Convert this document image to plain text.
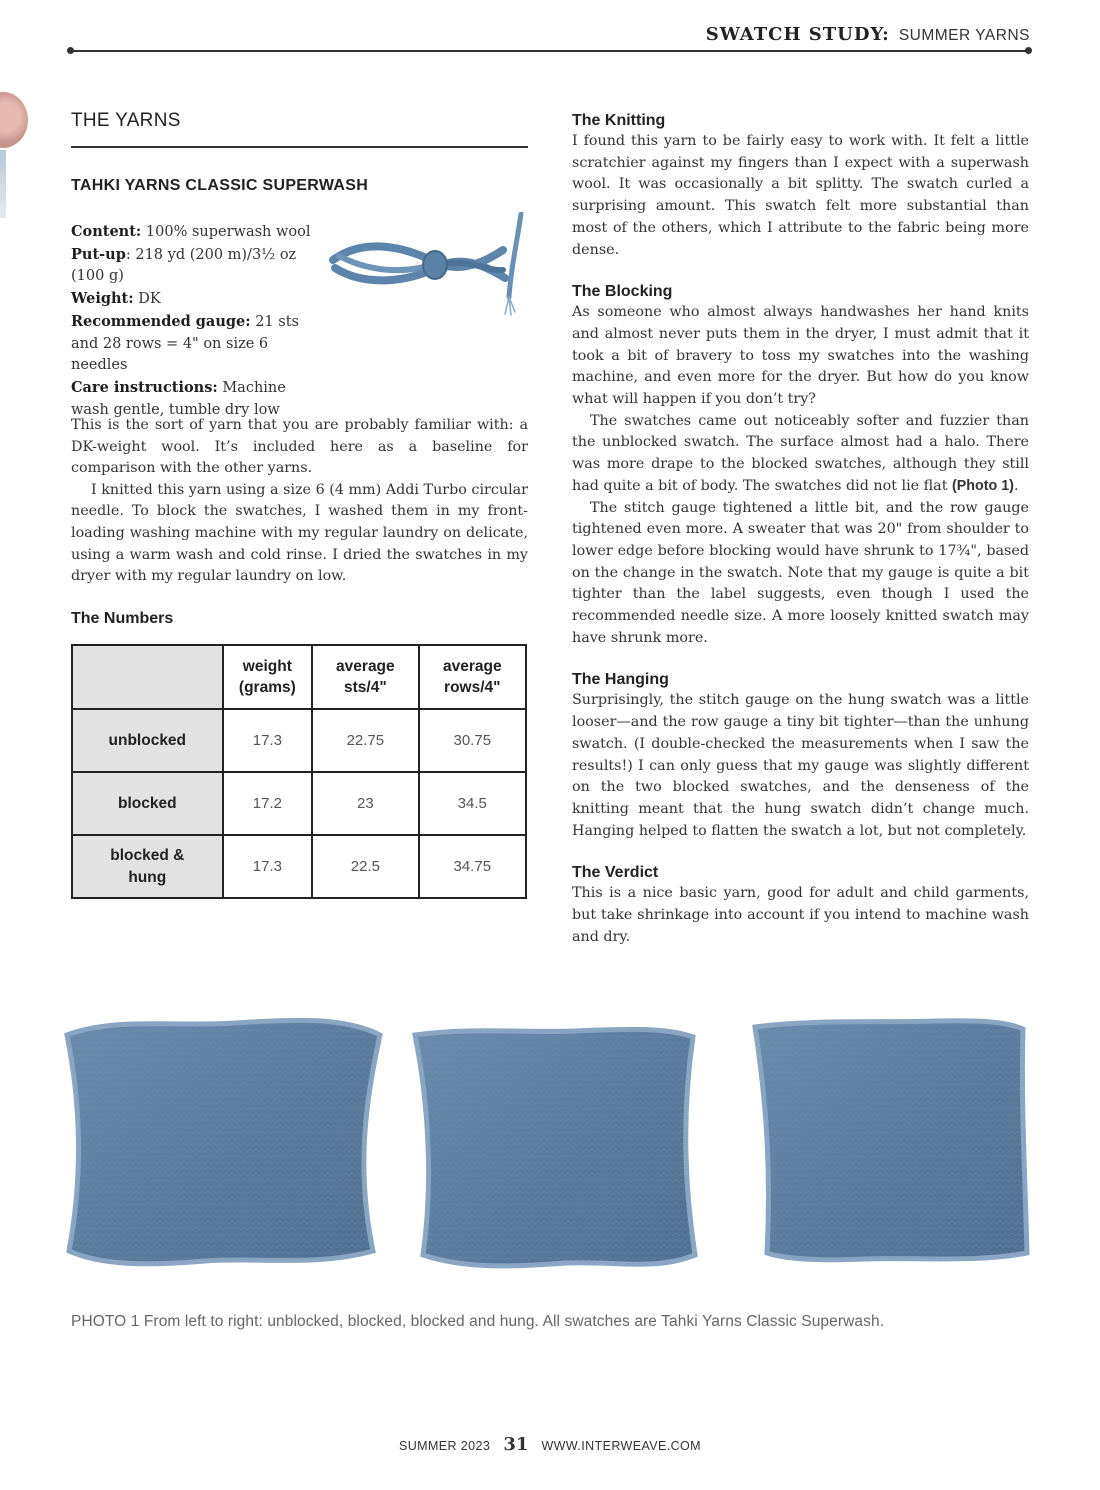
SWATCH STUDY: SUMMER YARNS
THE YARNS
TAHKI YARNS CLASSIC SUPERWASH
Content: 100% superwash wool
Put-up: 218 yd (200 m)/3½ oz (100 g)
Weight: DK
Recommended gauge: 21 sts and 28 rows = 4" on size 6 needles
Care instructions: Machine wash gentle, tumble dry low

This is the sort of yarn that you are probably familiar with: a DK-weight wool. It’s included here as a baseline for comparison with the other yarns.

I knitted this yarn using a size 6 (4 mm) Addi Turbo circular needle. To block the swatches, I washed them in my front-loading washing machine with my regular laundry on delicate, using a warm wash and cold rinse. I dried the swatches in my dryer with my regular laundry on low.

The Numbers
	weight (grams)	average sts/4"	average rows/4"
unblocked	17.3	22.75	30.75
blocked	17.2	23	34.5
blocked & hung	17.3	22.5	34.75
The Knitting

I found this yarn to be fairly easy to work with. It felt a little scratchier against my fingers than I expect with a superwash wool. It was occasionally a bit splitty. The swatch curled a surprising amount. This swatch felt more substantial than most of the others, which I attribute to the fabric being more dense.

The Blocking

As someone who almost always handwashes her hand knits and almost never puts them in the dryer, I must admit that it took a bit of bravery to toss my swatches into the washing machine, and even more for the dryer. But how do you know what will happen if you don’t try?

The swatches came out noticeably softer and fuzzier than the unblocked swatch. The surface almost had a halo. There was more drape to the blocked swatches, although they still had quite a bit of body. The swatches did not lie flat (Photo 1).

The stitch gauge tightened a little bit, and the row gauge tightened even more. A sweater that was 20" from shoulder to lower edge before blocking would have shrunk to 17¾", based on the change in the swatch. Note that my gauge is quite a bit tighter than the label suggests, even though I used the recommended needle size. A more loosely knitted swatch may have shrunk more.

The Hanging

Surprisingly, the stitch gauge on the hung swatch was a little looser—and the row gauge a tiny bit tighter—than the unhung swatch. (I double-checked the measurements when I saw the results!) I can only guess that my gauge was slightly different on the two blocked swatches, and the denseness of the knitting meant that the hung swatch didn’t change much. Hanging helped to flatten the swatch a lot, but not completely.

The Verdict

This is a nice basic yarn, good for adult and child garments, but take shrinkage into account if you intend to machine wash and dry.

PHOTO 1 From left to right: unblocked, blocked, blocked and hung. All swatches are Tahki Yarns Classic Superwash.
SUMMER 2023 31 WWW.INTERWEAVE.COM
